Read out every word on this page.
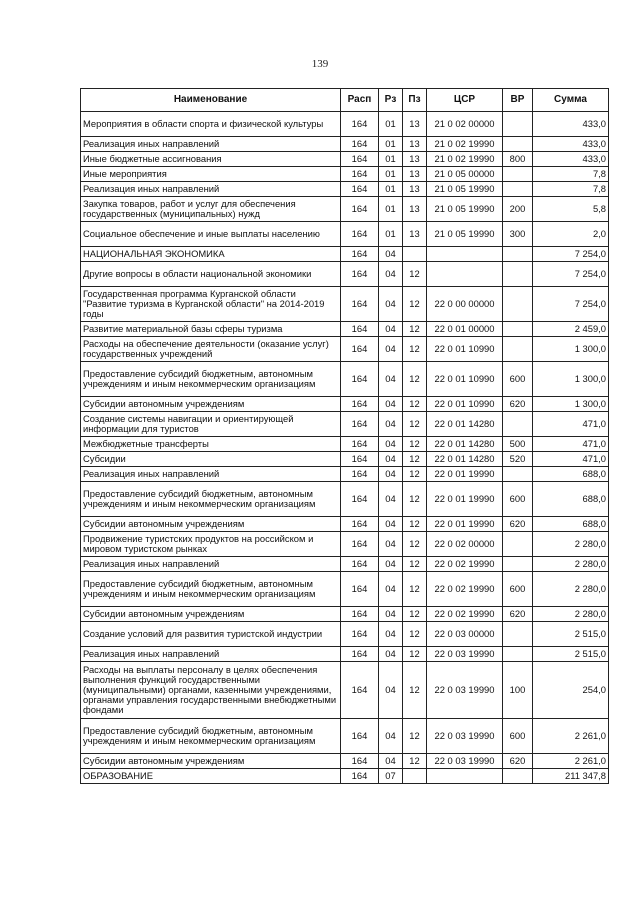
139
Наименование	Расп	Рз	Пз	ЦСР	ВР	Сумма
Мероприятия в области спорта и физической культуры	164	01	13	21 0 02 00000		433,0
Реализация иных направлений	164	01	13	21 0 02 19990		433,0
Иные бюджетные ассигнования	164	01	13	21 0 02 19990	800	433,0
Иные мероприятия	164	01	13	21 0 05 00000		7,8
Реализация иных направлений	164	01	13	21 0 05 19990		7,8
Закупка товаров, работ и услуг для обеспечения государственных (муниципальных) нужд	164	01	13	21 0 05 19990	200	5,8
Социальное обеспечение и иные выплаты населению	164	01	13	21 0 05 19990	300	2,0
НАЦИОНАЛЬНАЯ ЭКОНОМИКА	164	04				7 254,0
Другие вопросы в области национальной экономики	164	04	12			7 254,0
Государственная программа Курганской области "Развитие туризма в Курганской области" на 2014-2019 годы	164	04	12	22 0 00 00000		7 254,0
Развитие материальной базы сферы туризма	164	04	12	22 0 01 00000		2 459,0
Расходы на обеспечение деятельности (оказание услуг) государственных учреждений	164	04	12	22 0 01 10990		1 300,0
Предоставление субсидий бюджетным, автономным учреждениям и иным некоммерческим организациям	164	04	12	22 0 01 10990	600	1 300,0
Субсидии автономным учреждениям	164	04	12	22 0 01 10990	620	1 300,0
Создание системы навигации и ориентирующей информации для туристов	164	04	12	22 0 01 14280		471,0
Межбюджетные трансферты	164	04	12	22 0 01 14280	500	471,0
Субсидии	164	04	12	22 0 01 14280	520	471,0
Реализация иных направлений	164	04	12	22 0 01 19990		688,0
Предоставление субсидий бюджетным, автономным учреждениям и иным некоммерческим организациям	164	04	12	22 0 01 19990	600	688,0
Субсидии автономным учреждениям	164	04	12	22 0 01 19990	620	688,0
Продвижение туристских продуктов на российском и мировом туристском рынках	164	04	12	22 0 02 00000		2 280,0
Реализация иных направлений	164	04	12	22 0 02 19990		2 280,0
Предоставление субсидий бюджетным, автономным учреждениям и иным некоммерческим организациям	164	04	12	22 0 02 19990	600	2 280,0
Субсидии автономным учреждениям	164	04	12	22 0 02 19990	620	2 280,0
Создание условий для развития туристской индустрии	164	04	12	22 0 03 00000		2 515,0
Реализация иных направлений	164	04	12	22 0 03 19990		2 515,0
Расходы на выплаты персоналу в целях обеспечения выполнения функций государственными (муниципальными) органами, казенными учреждениями, органами управления государственными внебюджетными фондами	164	04	12	22 0 03 19990	100	254,0
Предоставление субсидий бюджетным, автономным учреждениям и иным некоммерческим организациям	164	04	12	22 0 03 19990	600	2 261,0
Субсидии автономным учреждениям	164	04	12	22 0 03 19990	620	2 261,0
ОБРАЗОВАНИЕ	164	07				211 347,8
